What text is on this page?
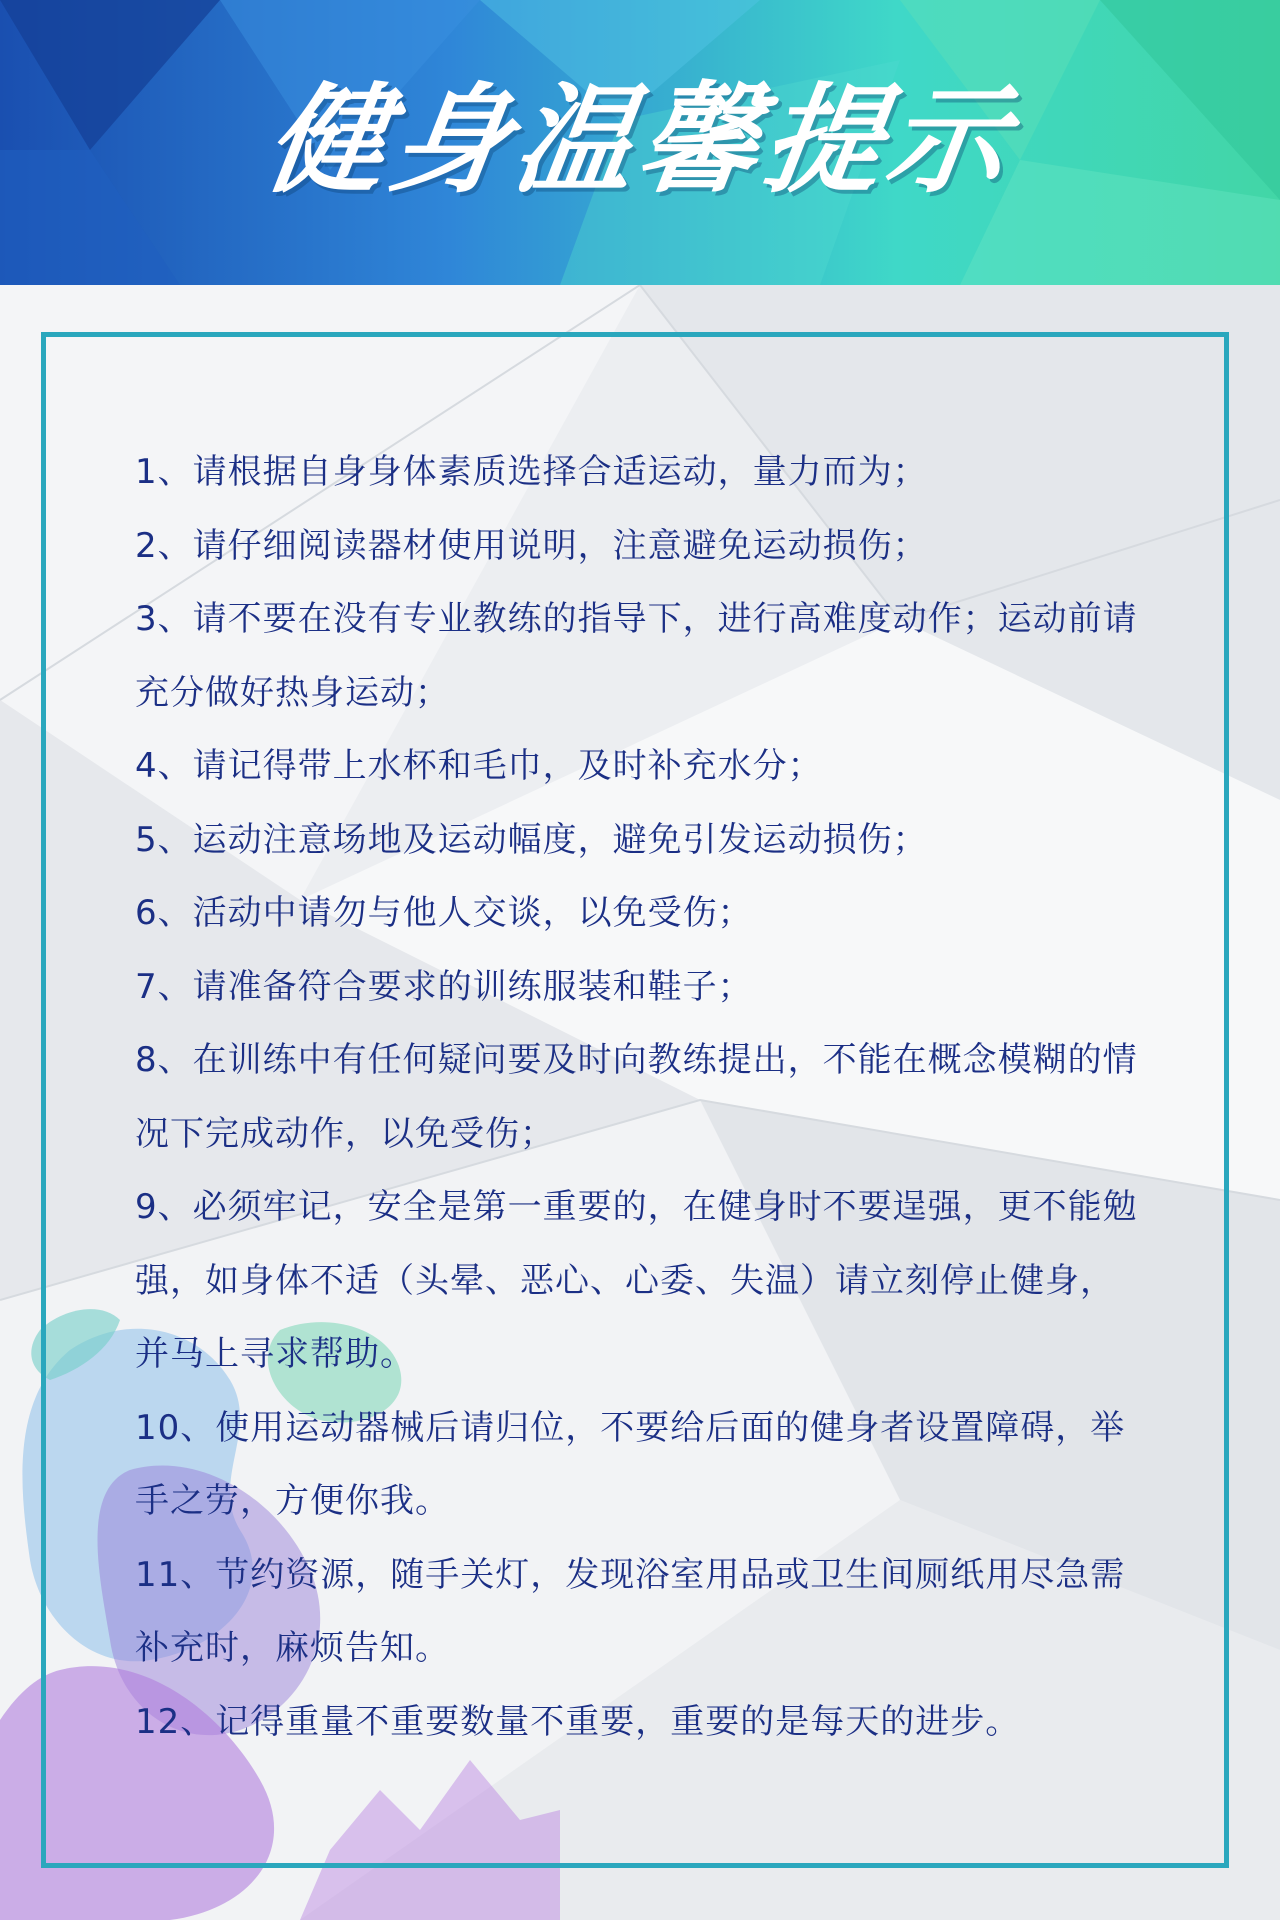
健身温馨提示
1、请根据自身身体素质选择合适运动，量力而为；
2、请仔细阅读器材使用说明，注意避免运动损伤；
3、请不要在没有专业教练的指导下，进行高难度动作；运动前请充分做好热身运动；
4、请记得带上水杯和毛巾，及时补充水分；
5、运动注意场地及运动幅度，避免引发运动损伤；
6、活动中请勿与他人交谈，以免受伤；
7、请准备符合要求的训练服装和鞋子；
8、在训练中有任何疑问要及时向教练提出，不能在概念模糊的情况下完成动作，以免受伤；
9、必须牢记，安全是第一重要的，在健身时不要逞强，更不能勉强，如身体不适（头晕、恶心、心委、失温）请立刻停止健身，并马上寻求帮助。
10、使用运动器械后请归位，不要给后面的健身者设置障碍，举手之劳，方便你我。
11、节约资源，随手关灯，发现浴室用品或卫生间厕纸用尽急需补充时，麻烦告知。
12、记得重量不重要数量不重要，重要的是每天的进步。
